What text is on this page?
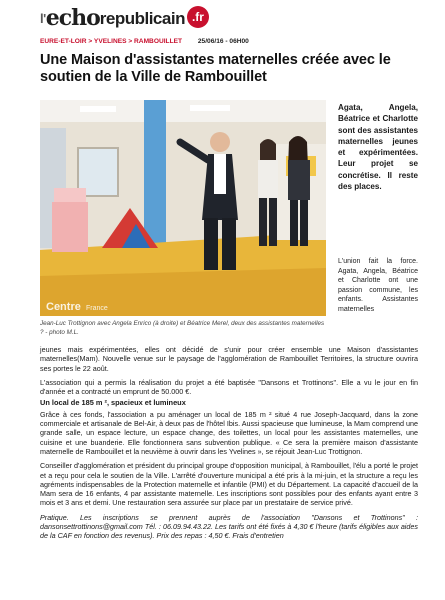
l' echo republicain .fr
EURE-ET-LOIR > YVELINES > RAMBOUILLET 25/06/16 - 06H00
Une Maison d'assistantes maternelles créée avec le soutien de la Ville de Rambouillet
Centre France

Jean-Luc Trottignon avec Angela Enrico (à droite) et Béatrice Merel, deux des assistantes maternelles ? - photo M.L.

Agata, Angela, Béatrice et Charlotte sont des assistantes maternelles jeunes et expérimentées. Leur projet se concrétise. Il reste des places.

L'union fait la force. Agata, Angela, Béatrice et Charlotte ont une passion commune, les enfants. Assistantes maternelles

jeunes mais expérimentées, elles ont décidé de s'unir pour créer ensemble une Maison d'assistantes maternelles(Mam). Nouvelle venue sur le paysage de l'agglomération de Rambouillet Territoires, la structure ouvrira ses portes le 22 août.

L'association qui a permis la réalisation du projet a été baptisée "Dansons et Trottinons". Elle a vu le jour en fin d'année et a contracté un emprunt de 50.000 €.

Un local de 185 m ², spacieux et lumineux

Grâce à ces fonds, l'association a pu aménager un local de 185 m ² situé 4 rue Joseph-Jacquard, dans la zone commerciale et artisanale de Bel-Air, à deux pas de l'hôtel Ibis. Aussi spacieuse que lumineuse, la Mam comprend une grande salle, un espace lecture, un espace change, des toilettes, un local pour les assistantes maternelles, une cuisine et une buanderie. Elle fonctionnera sans subvention publique. « Ce sera la première maison d'assistante maternelle de Rambouillet et la neuvième à ouvrir dans les Yvelines », se réjouit Jean-Luc Trottignon.

Conseiller d'agglomération et président du principal groupe d'opposition municipal, à Rambouillet, l'élu a porté le projet et a reçu pour cela le soutien de la Ville. L'arrêté d'ouverture municipal a été pris à la mi-juin, et la structure a reçu les agréments indispensables de la Protection maternelle et infantile (PMI) et du Département. La capacité d'accueil de la Mam sera de 16 enfants, 4 par assistante maternelle. Les inscriptions sont possibles pour des enfants ayant entre 3 mois et 3 ans et demi. Une restauration sera assurée sur place par un prestataire de service privé.

Pratique. Les inscriptions se prennent auprès de l'association "Dansons et Trottinons" : dansonsettrottinons@gmail.com Tél. : 06.09.94.43.22. Les tarifs ont été fixés à 4,30 € l'heure (tarifs éligibles aux aides de la CAF en fonction des revenus). Prix des repas : 4,50 €. Frais d'entretien
